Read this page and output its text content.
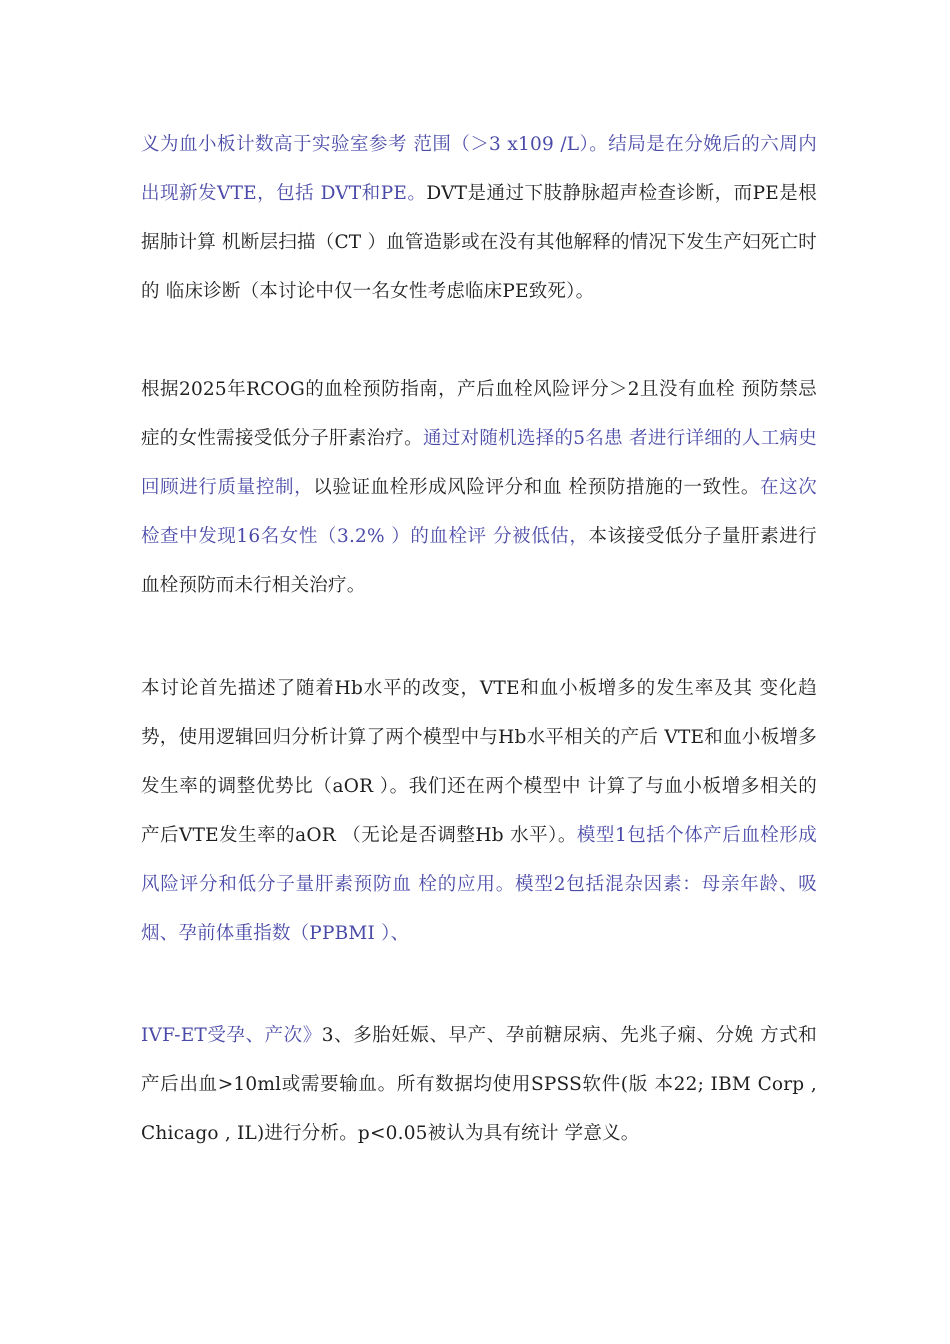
义为血小板计数高于实验室参考 范围（＞3 x109 /L）。结局是在分娩后的六周内出现新发VTE，包括 DVT和PE。DVT是通过下肢静脉超声检查诊断，而PE是根据肺计算 机断层扫描（CT ）血管造影或在没有其他解释的情况下发生产妇死亡时的 临床诊断（本讨论中仅一名女性考虑临床PE致死）。

根据2025年RCOG的血栓预防指南，产后血栓风险评分＞2且没有血栓 预防禁忌症的女性需接受低分子肝素治疗。通过对随机选择的5名患 者进行详细的人工病史回顾进行质量控制，以验证血栓形成风险评分和血 栓预防措施的一致性。在这次检查中发现16名女性（3.2% ）的血栓评 分被低估，本该接受低分子量肝素进行血栓预防而未行相关治疗。

本讨论首先描述了随着Hb水平的改变，VTE和血小板增多的发生率及其 变化趋势，使用逻辑回归分析计算了两个模型中与Hb水平相关的产后 VTE和血小板增多发生率的调整优势比（aOR ）。我们还在两个模型中 计算了与血小板增多相关的产后VTE发生率的aOR （无论是否调整Hb 水平）。模型1包括个体产后血栓形成风险评分和低分子量肝素预防血 栓的应用。模型2包括混杂因素：母亲年龄、吸烟、孕前体重指数（PPBMI ）、

IVF-ET受孕、产次》3、多胎妊娠、早产、孕前糖尿病、先兆子痫、分娩 方式和产后出血>10ml或需要输血。所有数据均使用SPSS软件(版 本22; IBM Corp , Chicago , IL)进行分析。p<0.05被认为具有统计 学意义。
